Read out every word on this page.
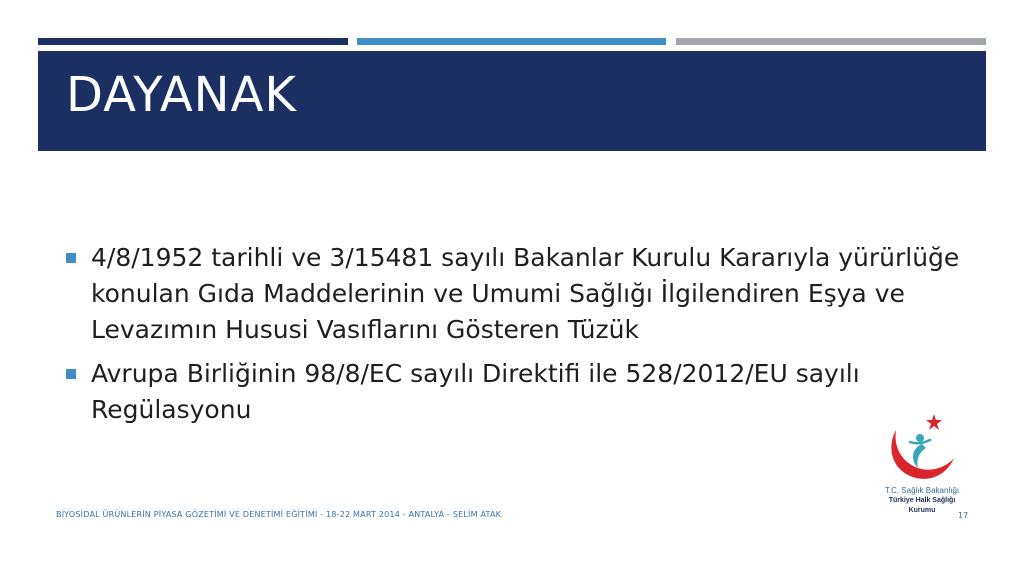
DAYANAK
4/8/1952 tarihli ve 3/15481 sayılı Bakanlar Kurulu Kararıyla yürürlüğe konulan Gıda Maddelerinin ve Umumi Sağlığı İlgilendiren Eşya ve Levazımın Hususi Vasıflarını Gösteren Tüzük
Avrupa Birliğinin 98/8/EC sayılı Direktifi ile 528/2012/EU sayılı Regülasyonu
T.C. Sağlık Bakanlığı
Türkiye Halk Sağlığı
Kurumu
BİYOSİDAL ÜRÜNLERİN PİYASA GÖZETİMİ VE DENETİMİ EĞİTİMİ - 18-22 MART 2014 - ANTALYA - SELİM ATAK	17
